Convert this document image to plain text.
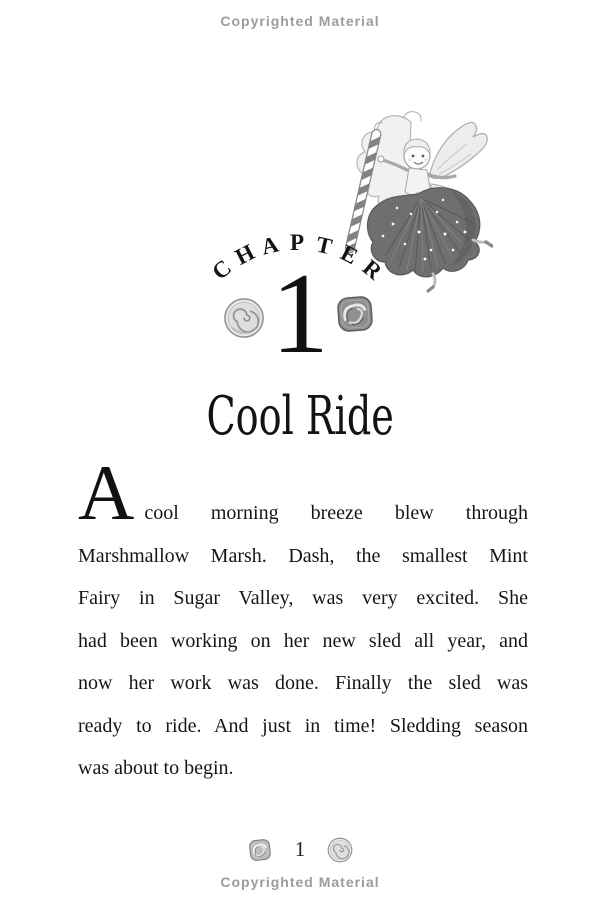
Copyrighted Material
C
H A P T E
R
1
Cool Ride
Acool morning breeze blew through
Marshmallow Marsh. Dash, the smallest Mint
Fairy in Sugar Valley, was very excited. She
had been working on her new sled all year, and
now her work was done. Finally the sled was
ready to ride. And just in time! Sledding season
was about to begin.
1
Copyrighted Material
